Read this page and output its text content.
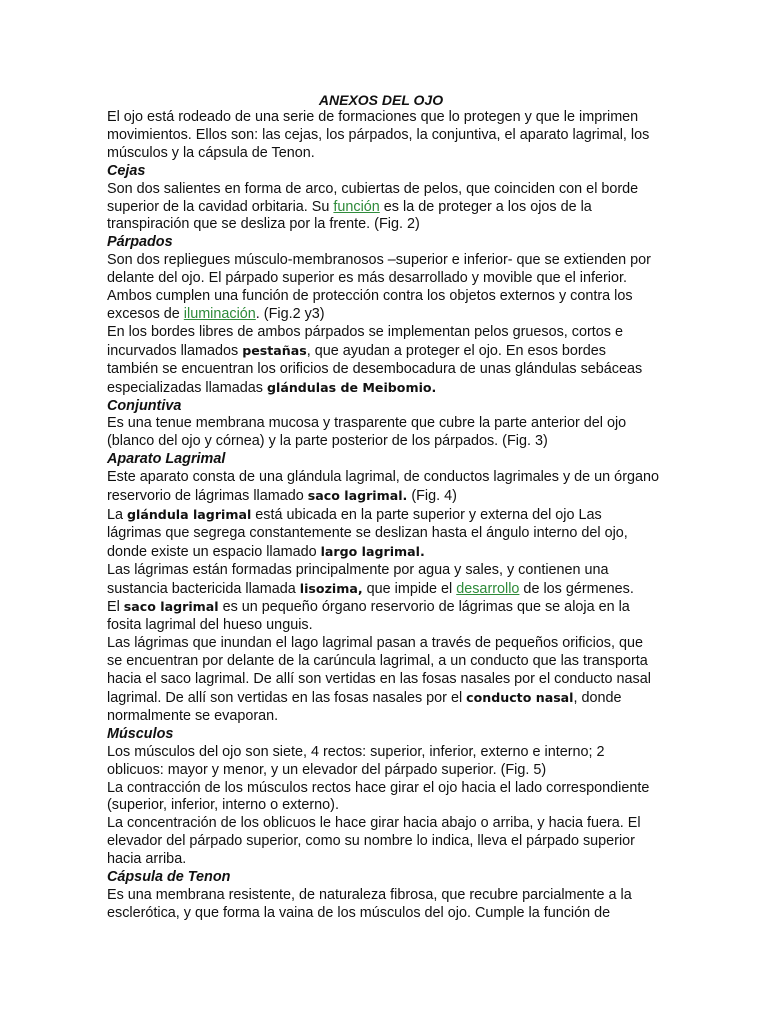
ANEXOS DEL OJO

El ojo está rodeado de una serie de formaciones que lo protegen y que le imprimen movimientos. Ellos son: las cejas, los párpados, la conjuntiva, el aparato lagrimal, los músculos y la cápsula de Tenon.

Cejas

Son dos salientes en forma de arco, cubiertas de pelos, que coinciden con el borde superior de la cavidad orbitaria. Su función es la de proteger a los ojos de la transpiración que se desliza por la frente. (Fig. 2)

Párpados

Son dos repliegues músculo-membranosos –superior e inferior- que se extienden por delante del ojo. El párpado superior es más desarrollado y movible que el inferior. Ambos cumplen una función de protección contra los objetos externos y contra los excesos de iluminación. (Fig.2 y3)

En los bordes libres de ambos párpados se implementan pelos gruesos, cortos e incurvados llamados pestañas, que ayudan a proteger el ojo. En esos bordes también se encuentran los orificios de desembocadura de unas glándulas sebáceas especializadas llamadas glándulas de Meibomio.

Conjuntiva

Es una tenue membrana mucosa y trasparente que cubre la parte anterior del ojo (blanco del ojo y córnea) y la parte posterior de los párpados. (Fig. 3)

Aparato Lagrimal

Este aparato consta de una glándula lagrimal, de conductos lagrimales y de un órgano reservorio de lágrimas llamado saco lagrimal. (Fig. 4)

La glándula lagrimal está ubicada en la parte superior y externa del ojo Las lágrimas que segrega constantemente se deslizan hasta el ángulo interno del ojo, donde existe un espacio llamado largo lagrimal.

Las lágrimas están formadas principalmente por agua y sales, y contienen una sustancia bactericida llamada lisozima, que impide el desarrollo de los gérmenes.

El saco lagrimal es un pequeño órgano reservorio de lágrimas que se aloja en la fosita lagrimal del hueso unguis.

Las lágrimas que inundan el lago lagrimal pasan a través de pequeños orificios, que se encuentran por delante de la carúncula lagrimal, a un conducto que las transporta hacia el saco lagrimal. De allí son vertidas en las fosas nasales por el conducto nasal lagrimal. De allí son vertidas en las fosas nasales por el conducto nasal, donde normalmente se evaporan.

Músculos

Los músculos del ojo son siete, 4 rectos: superior, inferior, externo e interno; 2 oblicuos: mayor y menor, y un elevador del párpado superior. (Fig. 5)

La contracción de los músculos rectos hace girar el ojo hacia el lado correspondiente (superior, inferior, interno o externo).

La concentración de los oblicuos le hace girar hacia abajo o arriba, y hacia fuera. El elevador del párpado superior, como su nombre lo indica, lleva el párpado superior hacia arriba.

Cápsula de Tenon

Es una membrana resistente, de naturaleza fibrosa, que recubre parcialmente a la esclerótica, y que forma la vaina de los músculos del ojo. Cumple la función de
